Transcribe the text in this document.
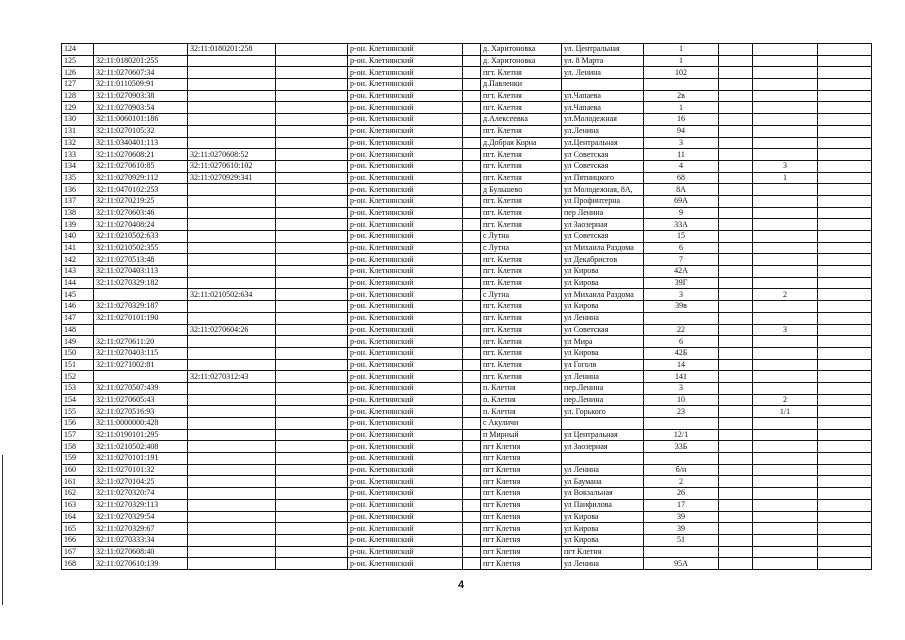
124		32:11:0180201:258		р-он. Клетнянский		д. Харитоновка	ул. Центральная	1			
125	32:11:0180201:255			р-он. Клетнянский		д. Харитоновка	ул. 8 Марта	1			
126	32:11:0270607:34			р-он. Клетнянский		пгт. Клетня	ул. Ленина	102			
127	32:11:0110509:91			р-он. Клетнянский		д.Павленки					
128	32:11:0270903:38			р-он. Клетнянский		пгт. Клетня	ул.Чапаева	2в			
129	32:11:0270903:54			р-он. Клетнянский		пгт. Клетня	ул.Чапаева	1			
130	32:11:0060101:186			р-он. Клетнянский		д.Алексеевка	ул.Молодежная	16			
131	32:11:0270105:32			р-он. Клетнянский		пгт. Клетня	ул.Ленина	94			
132	32:11:0340401:113			р-он. Клетнянский		д.Добрая Корна	ул.Центральная	3			
133	32:11:0270608:21	32:11:0270608:52		р-он. Клетнянский		пгт. Клетня	ул Советская	11			
134	32:11:0270610:85	32:11:0270610:102		р-он. Клетнянский		пгт. Клетня	ул Советская	4		3	
135	32:11:0270929:112	32:11:0270929:341		р-он. Клетнянский		пгт. Клетня	ул Пятницкого	68		1	
136	32:11:0470102:253			р-он. Клетнянский		д Бульшево	ул Молодежная, 8А,	8А			
137	32:11:0270219:25			р-он. Клетнянский		пгт. Клетня	ул Профинтерна	69А			
138	32:11:0270603:46			р-он. Клетнянский		пгт. Клетня	пер Ленина	9			
139	32:11:0270408:24			р-он. Клетнянский		пгт. Клетня	ул Заозерная	33А			
140	32:11:0210502:633			р-он. Клетнянский		с Лутна	ул Советская	15			
141	32:11:0210502:355			р-он. Клетнянский		с Лутна	ул Михаила Раздома	6			
142	32:11:0270513:48			р-он. Клетнянский		пгт. Клетня	ул Декабристов	7			
143	32:11:0270403:113			р-он. Клетнянский		пгт. Клетня	ул Кирова	42А			
144	32:11:0270329:182			р-он. Клетнянский		пгт. Клетня	ул Кирова	39Г			
145		32:11:0210502:634		р-он. Клетнянский		с Лутна	ул Михаила Раздома	3		2	
146	32:11:0270329:187			р-он. Клетнянский		пгт. Клетня	ул Кирова	39в			
147	32:11:0270101:190			р-он. Клетнянский		пгт. Клетня	ул Ленина				
148		32:11:0270604:26		р-он. Клетнянский		пгт. Клетня	ул Советская	22		3	
149	32:11:0270611:20			р-он. Клетнянский		пгт. Клетня	ул Мира	6			
150	32:11:0270403:115			р-он. Клетнянский		пгт. Клетня	ул Кирова	42Б			
151	32:11:0271002:81			р-он. Клетнянский		пгт. Клетня	ул Гоголя	14			
152		32:11:0270312:43		р-он. Клетнянский		пгт. Клетня	ул Ленина	141			
153	32:11:0270507:439			р-он. Клетнянский		п. Клетня	пер.Ленина	3			
154	32:11:0270605:43			р-он. Клетнянский		п. Клетня	пер.Ленина	10		2	
155	32:11:0270516:93			р-он. Клетнянский		п. Клетня	ул. Горького	23		1/1	
156	32:11:0000000:428			р-он. Клетнянский		с Акуличи					
157	32:11:0190101:295			р-он. Клетнянский		п Мирный	ул Центральная	12/1			
158	32:11:0210502:408			р-он. Клетнянский		пгт Клетня	ул Заозерная	33Б			
159	32:11:0270101:191			р-он. Клетнянский		пгт Клетня					
160	32:11:0270101:32			р-он. Клетнянский		пгт Клетня	ул Ленина	б/н			
161	32:11:0270104:25			р-он. Клетнянский		пгт Клетня	ул Баумана	2			
162	32:11:0270320:74			р-он. Клетнянский		пгт Клетня	ул Вокзальная	26			
163	32:11:0270329:113			р-он. Клетнянский		пгт Клетня	ул Панфилова	17			
164	32:11:0270329:54			р-он. Клетнянский		пгт Клетня	ул Кирова	39			
165	32:11:0270329:67			р-он. Клетнянский		пгт Клетня	ул Кирова	39			
166	32:11:0270333:34			р-он. Клетнянский		пгт Клетня	ул Кирова	51			
167	32:11:0270608:40			р-он. Клетнянский		пгт Клетня	пгт Клетня				
168	32:11:0270610:139			р-он. Клетнянский		пгт Клетня	ул Ленина	95А			
4
